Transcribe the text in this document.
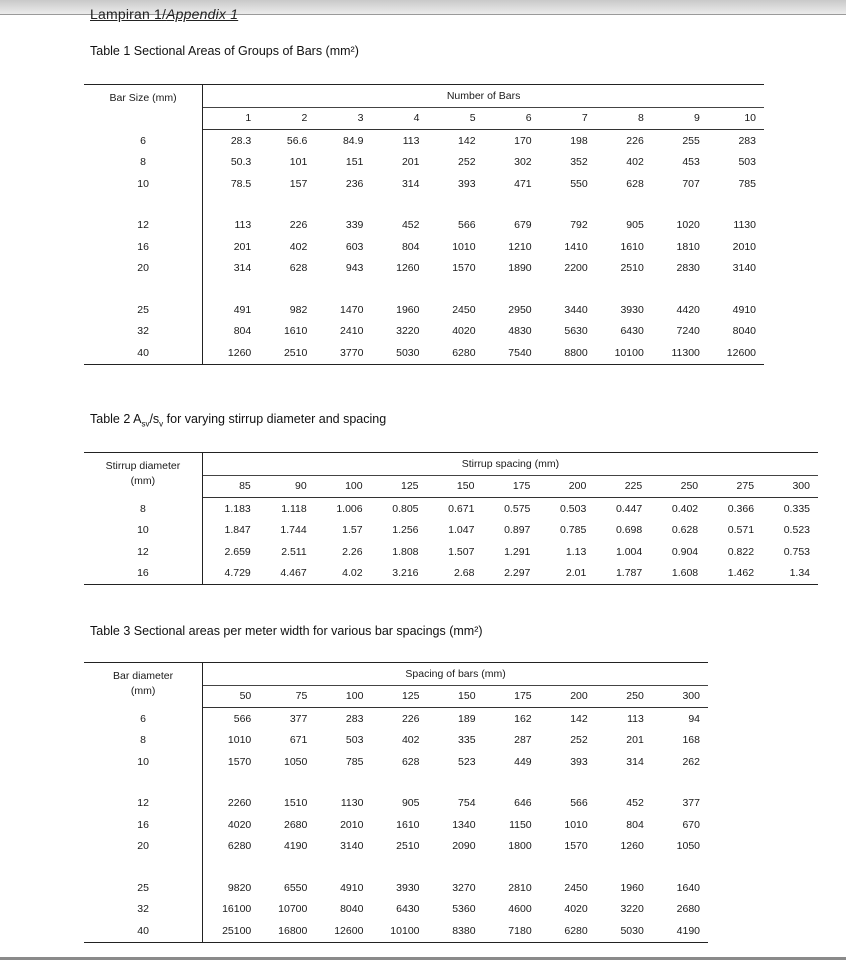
Lampiran 1/Appendix 1
Table 1 Sectional Areas of Groups of Bars (mm²)
Bar Size (mm)	Number of Bars									
	1	2	3	4	5	6	7	8	9	10
6	28.3	56.6	84.9	113	142	170	198	226	255	283
8	50.3	101	151	201	252	302	352	402	453	503
10	78.5	157	236	314	393	471	550	628	707	785

12	113	226	339	452	566	679	792	905	1020	1130
16	201	402	603	804	1010	1210	1410	1610	1810	2010
20	314	628	943	1260	1570	1890	2200	2510	2830	3140

25	491	982	1470	1960	2450	2950	3440	3930	4420	4910
32	804	1610	2410	3220	4020	4830	5630	6430	7240	8040
40	1260	2510	3770	5030	6280	7540	8800	10100	11300	12600
Table 2 $A_{sv}/s_v$ for varying stirrup diameter and spacing
Stirrup diameter
(mm)	Stirrup spacing (mm)										
	85	90	100	125	150	175	200	225	250	275	300
8	1.183	1.118	1.006	0.805	0.671	0.575	0.503	0.447	0.402	0.366	0.335
10	1.847	1.744	1.57	1.256	1.047	0.897	0.785	0.698	0.628	0.571	0.523
12	2.659	2.511	2.26	1.808	1.507	1.291	1.13	1.004	0.904	0.822	0.753
16	4.729	4.467	4.02	3.216	2.68	2.297	2.01	1.787	1.608	1.462	1.34
Table 3 Sectional areas per meter width for various bar spacings (mm²)
Bar diameter
(mm)	Spacing of bars (mm)								
	50	75	100	125	150	175	200	250	300
6	566	377	283	226	189	162	142	113	94
8	1010	671	503	402	335	287	252	201	168
10	1570	1050	785	628	523	449	393	314	262

12	2260	1510	1130	905	754	646	566	452	377
16	4020	2680	2010	1610	1340	1150	1010	804	670
20	6280	4190	3140	2510	2090	1800	1570	1260	1050

25	9820	6550	4910	3930	3270	2810	2450	1960	1640
32	16100	10700	8040	6430	5360	4600	4020	3220	2680
40	25100	16800	12600	10100	8380	7180	6280	5030	4190
